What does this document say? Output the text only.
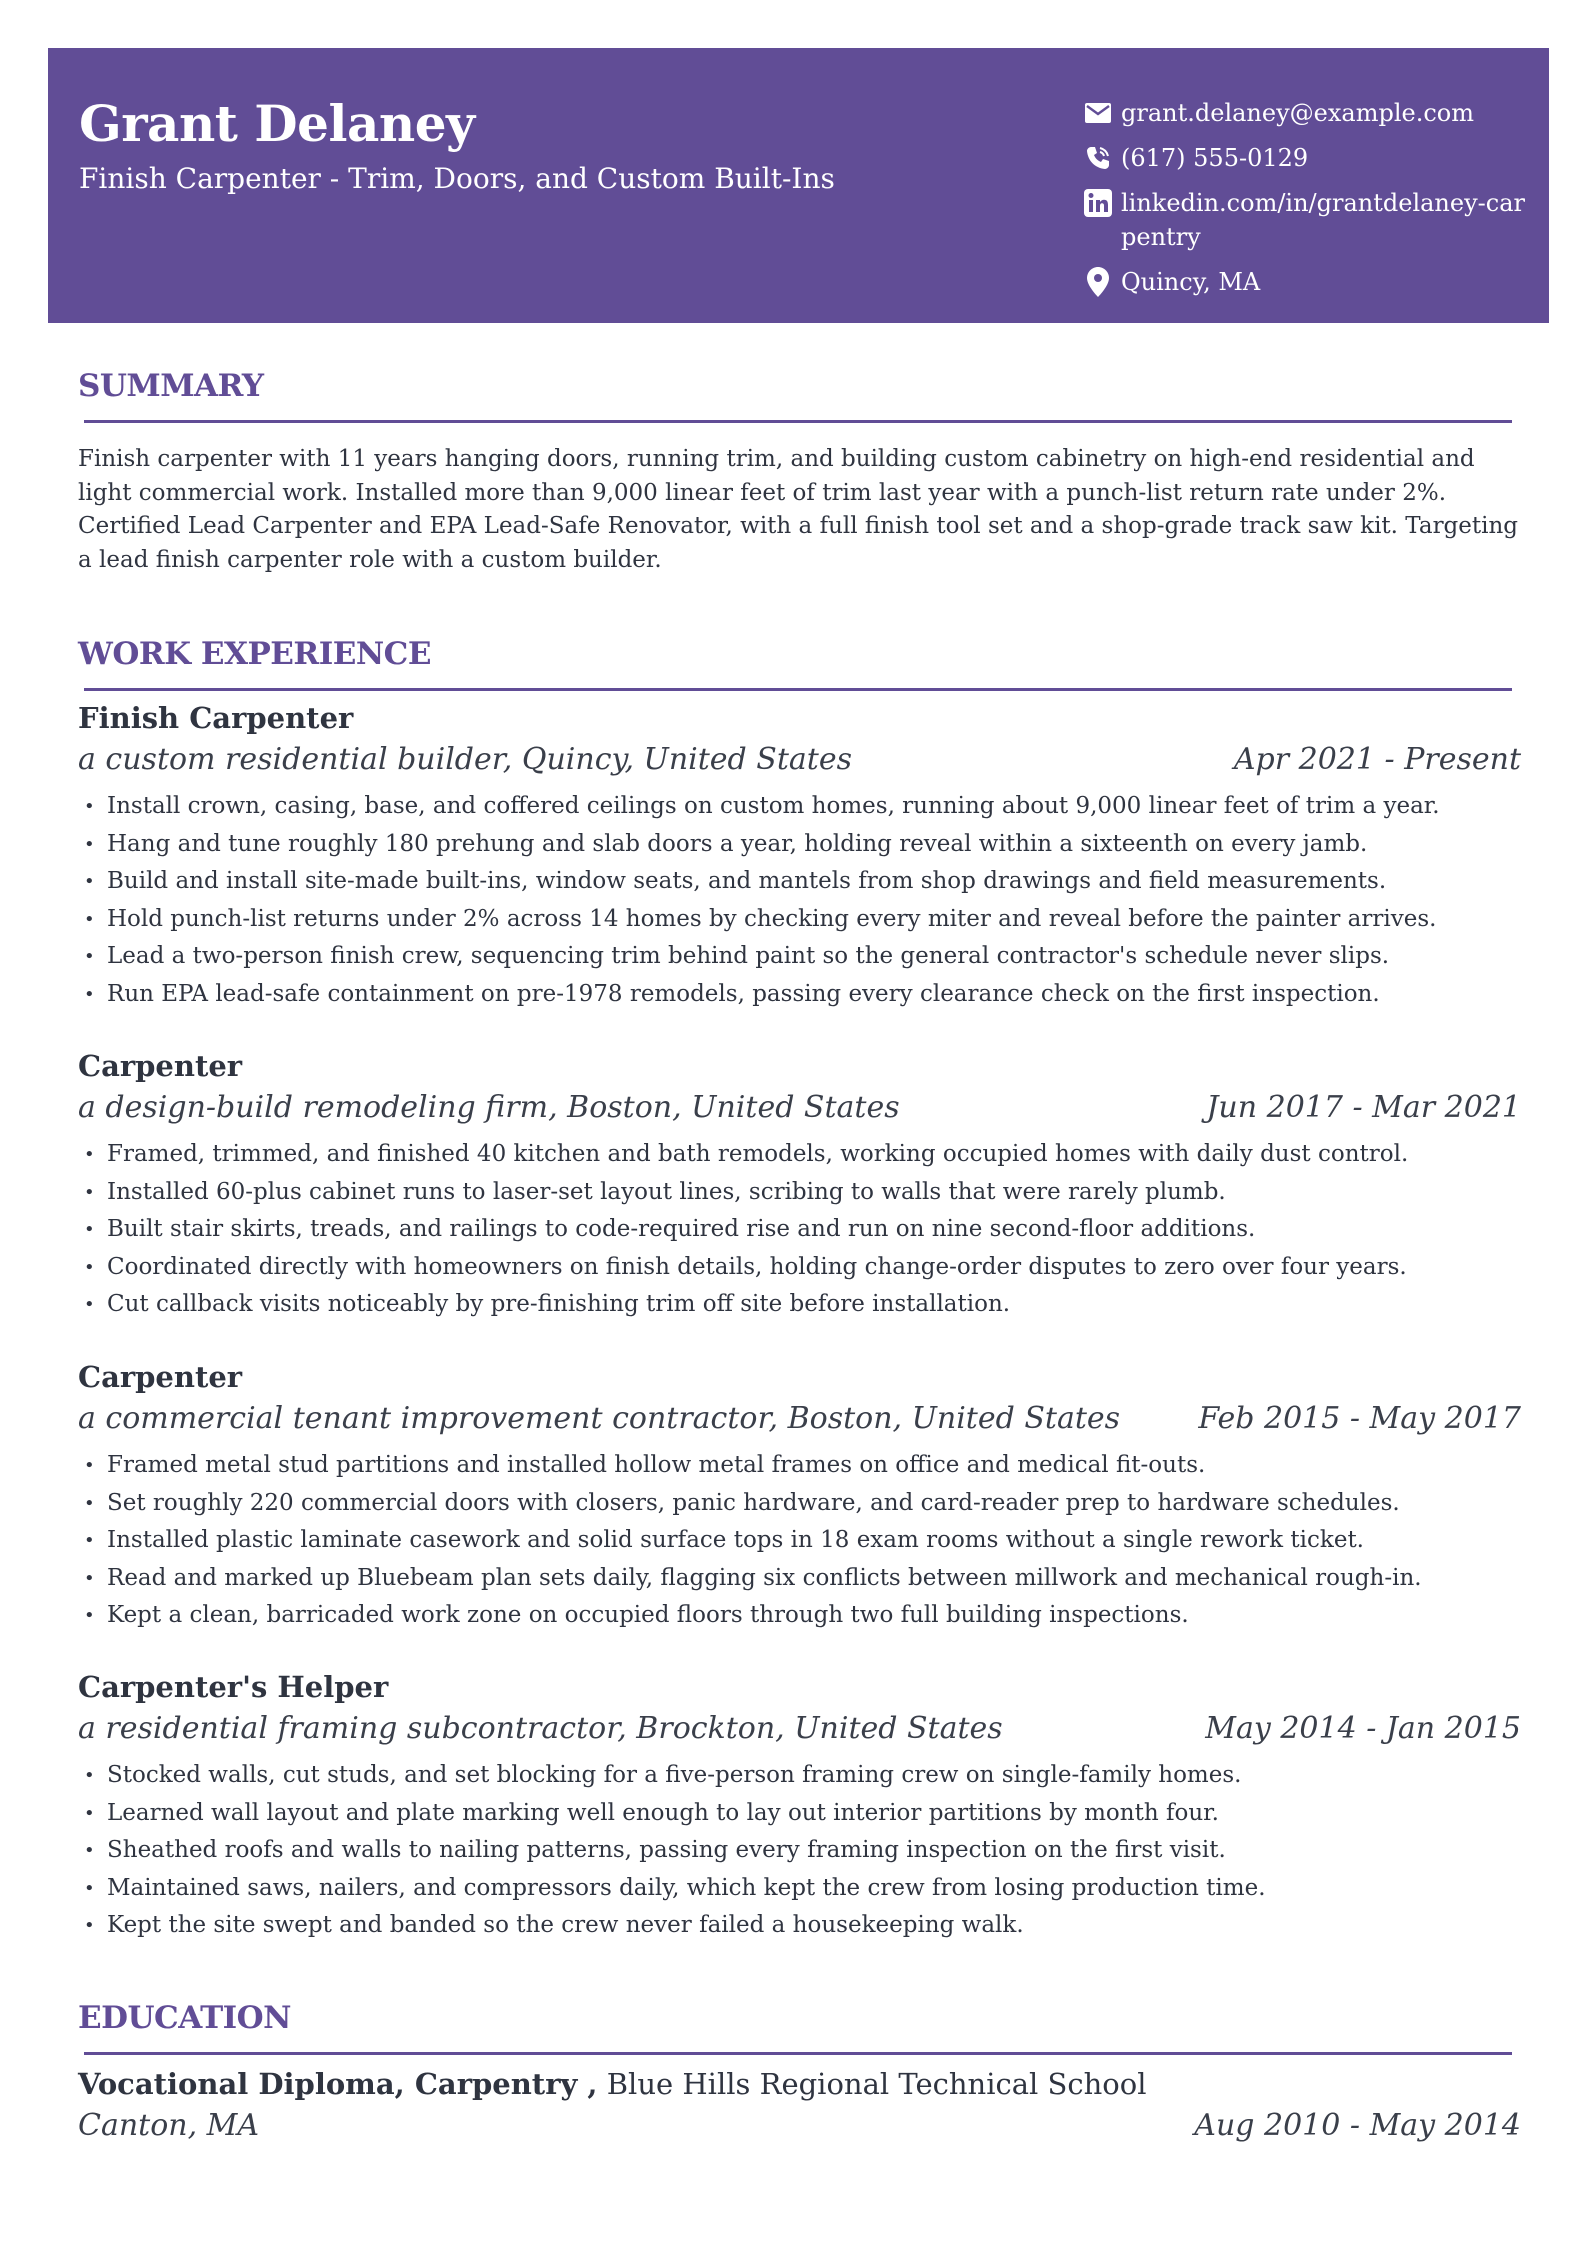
Grant Delaney
Finish Carpenter - Trim, Doors, and Custom Built-Ins
grant.delaney@example.com
(617) 555-0129
linkedin.com/in/grantdelaney-carpentry
Quincy, MA
SUMMARY
Finish carpenter with 11 years hanging doors, running trim, and building custom cabinetry on high-end residential and light commercial work. Installed more than 9,000 linear feet of trim last year with a punch-list return rate under 2%. Certified Lead Carpenter and EPA Lead-Safe Renovator, with a full finish tool set and a shop-grade track saw kit. Targeting a lead finish carpenter role with a custom builder.
WORK EXPERIENCE
Finish Carpenter
a custom residential builder, Quincy, United States	Apr 2021 - Present
• Install crown, casing, base, and coffered ceilings on custom homes, running about 9,000 linear feet of trim a year.
• Hang and tune roughly 180 prehung and slab doors a year, holding reveal within a sixteenth on every jamb.
• Build and install site-made built-ins, window seats, and mantels from shop drawings and field measurements.
• Hold punch-list returns under 2% across 14 homes by checking every miter and reveal before the painter arrives.
• Lead a two-person finish crew, sequencing trim behind paint so the general contractor's schedule never slips.
• Run EPA lead-safe containment on pre-1978 remodels, passing every clearance check on the first inspection.
Carpenter
a design-build remodeling firm, Boston, United States	Jun 2017 - Mar 2021
• Framed, trimmed, and finished 40 kitchen and bath remodels, working occupied homes with daily dust control.
• Installed 60-plus cabinet runs to laser-set layout lines, scribing to walls that were rarely plumb.
• Built stair skirts, treads, and railings to code-required rise and run on nine second-floor additions.
• Coordinated directly with homeowners on finish details, holding change-order disputes to zero over four years.
• Cut callback visits noticeably by pre-finishing trim off site before installation.
Carpenter
a commercial tenant improvement contractor, Boston, United States	Feb 2015 - May 2017
• Framed metal stud partitions and installed hollow metal frames on office and medical fit-outs.
• Set roughly 220 commercial doors with closers, panic hardware, and card-reader prep to hardware schedules.
• Installed plastic laminate casework and solid surface tops in 18 exam rooms without a single rework ticket.
• Read and marked up Bluebeam plan sets daily, flagging six conflicts between millwork and mechanical rough-in.
• Kept a clean, barricaded work zone on occupied floors through two full building inspections.
Carpenter's Helper
a residential framing subcontractor, Brockton, United States	May 2014 - Jan 2015
• Stocked walls, cut studs, and set blocking for a five-person framing crew on single-family homes.
• Learned wall layout and plate marking well enough to lay out interior partitions by month four.
• Sheathed roofs and walls to nailing patterns, passing every framing inspection on the first visit.
• Maintained saws, nailers, and compressors daily, which kept the crew from losing production time.
• Kept the site swept and banded so the crew never failed a housekeeping walk.
EDUCATION
Vocational Diploma, Carpentry , Blue Hills Regional Technical School
Canton, MA	Aug 2010 - May 2014
